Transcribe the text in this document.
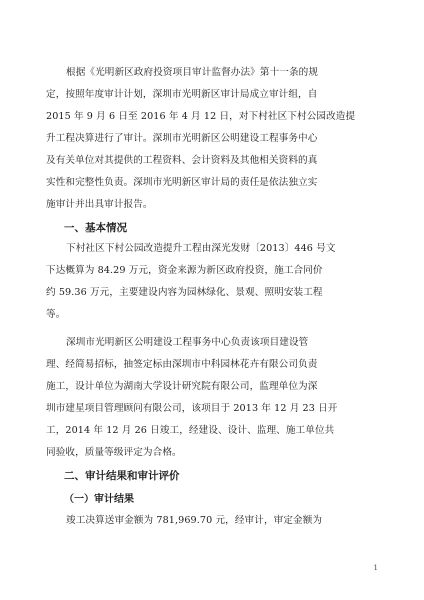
根据《光明新区政府投资项目审计监督办法》第十一条的规
定，按照年度审计计划，深圳市光明新区审计局成立审计组，自
2015 年 9 月 6 日至 2016 年 4 月 12 日，对下村社区下村公园改造提
升工程决算进行了审计。深圳市光明新区公明建设工程事务中心
及有关单位对其提供的工程资料、会计资料及其他相关资料的真
实性和完整性负责。深圳市光明新区审计局的责任是依法独立实
施审计并出具审计报告。
一、基本情况
下村社区下村公园改造提升工程由深光发财〔2013〕446 号文
下达概算为 84.29 万元，资金来源为新区政府投资，施工合同价
约 59.36 万元，主要建设内容为园林绿化、景观、照明安装工程
等。
深圳市光明新区公明建设工程事务中心负责该项目建设管
理、经简易招标，抽签定标由深圳市中科园林花卉有限公司负责
施工，设计单位为湖南大学设计研究院有限公司，监理单位为深
圳市建星项目管理顾问有限公司，该项目于 2013 年 12 月 23 日开
工，2014 年 12 月 26 日竣工，经建设、设计、监理、施工单位共
同验收，质量等级评定为合格。
二、审计结果和审计评价
（一）审计结果
竣工决算送审金额为 781,969.70 元，经审计，审定金额为
1
